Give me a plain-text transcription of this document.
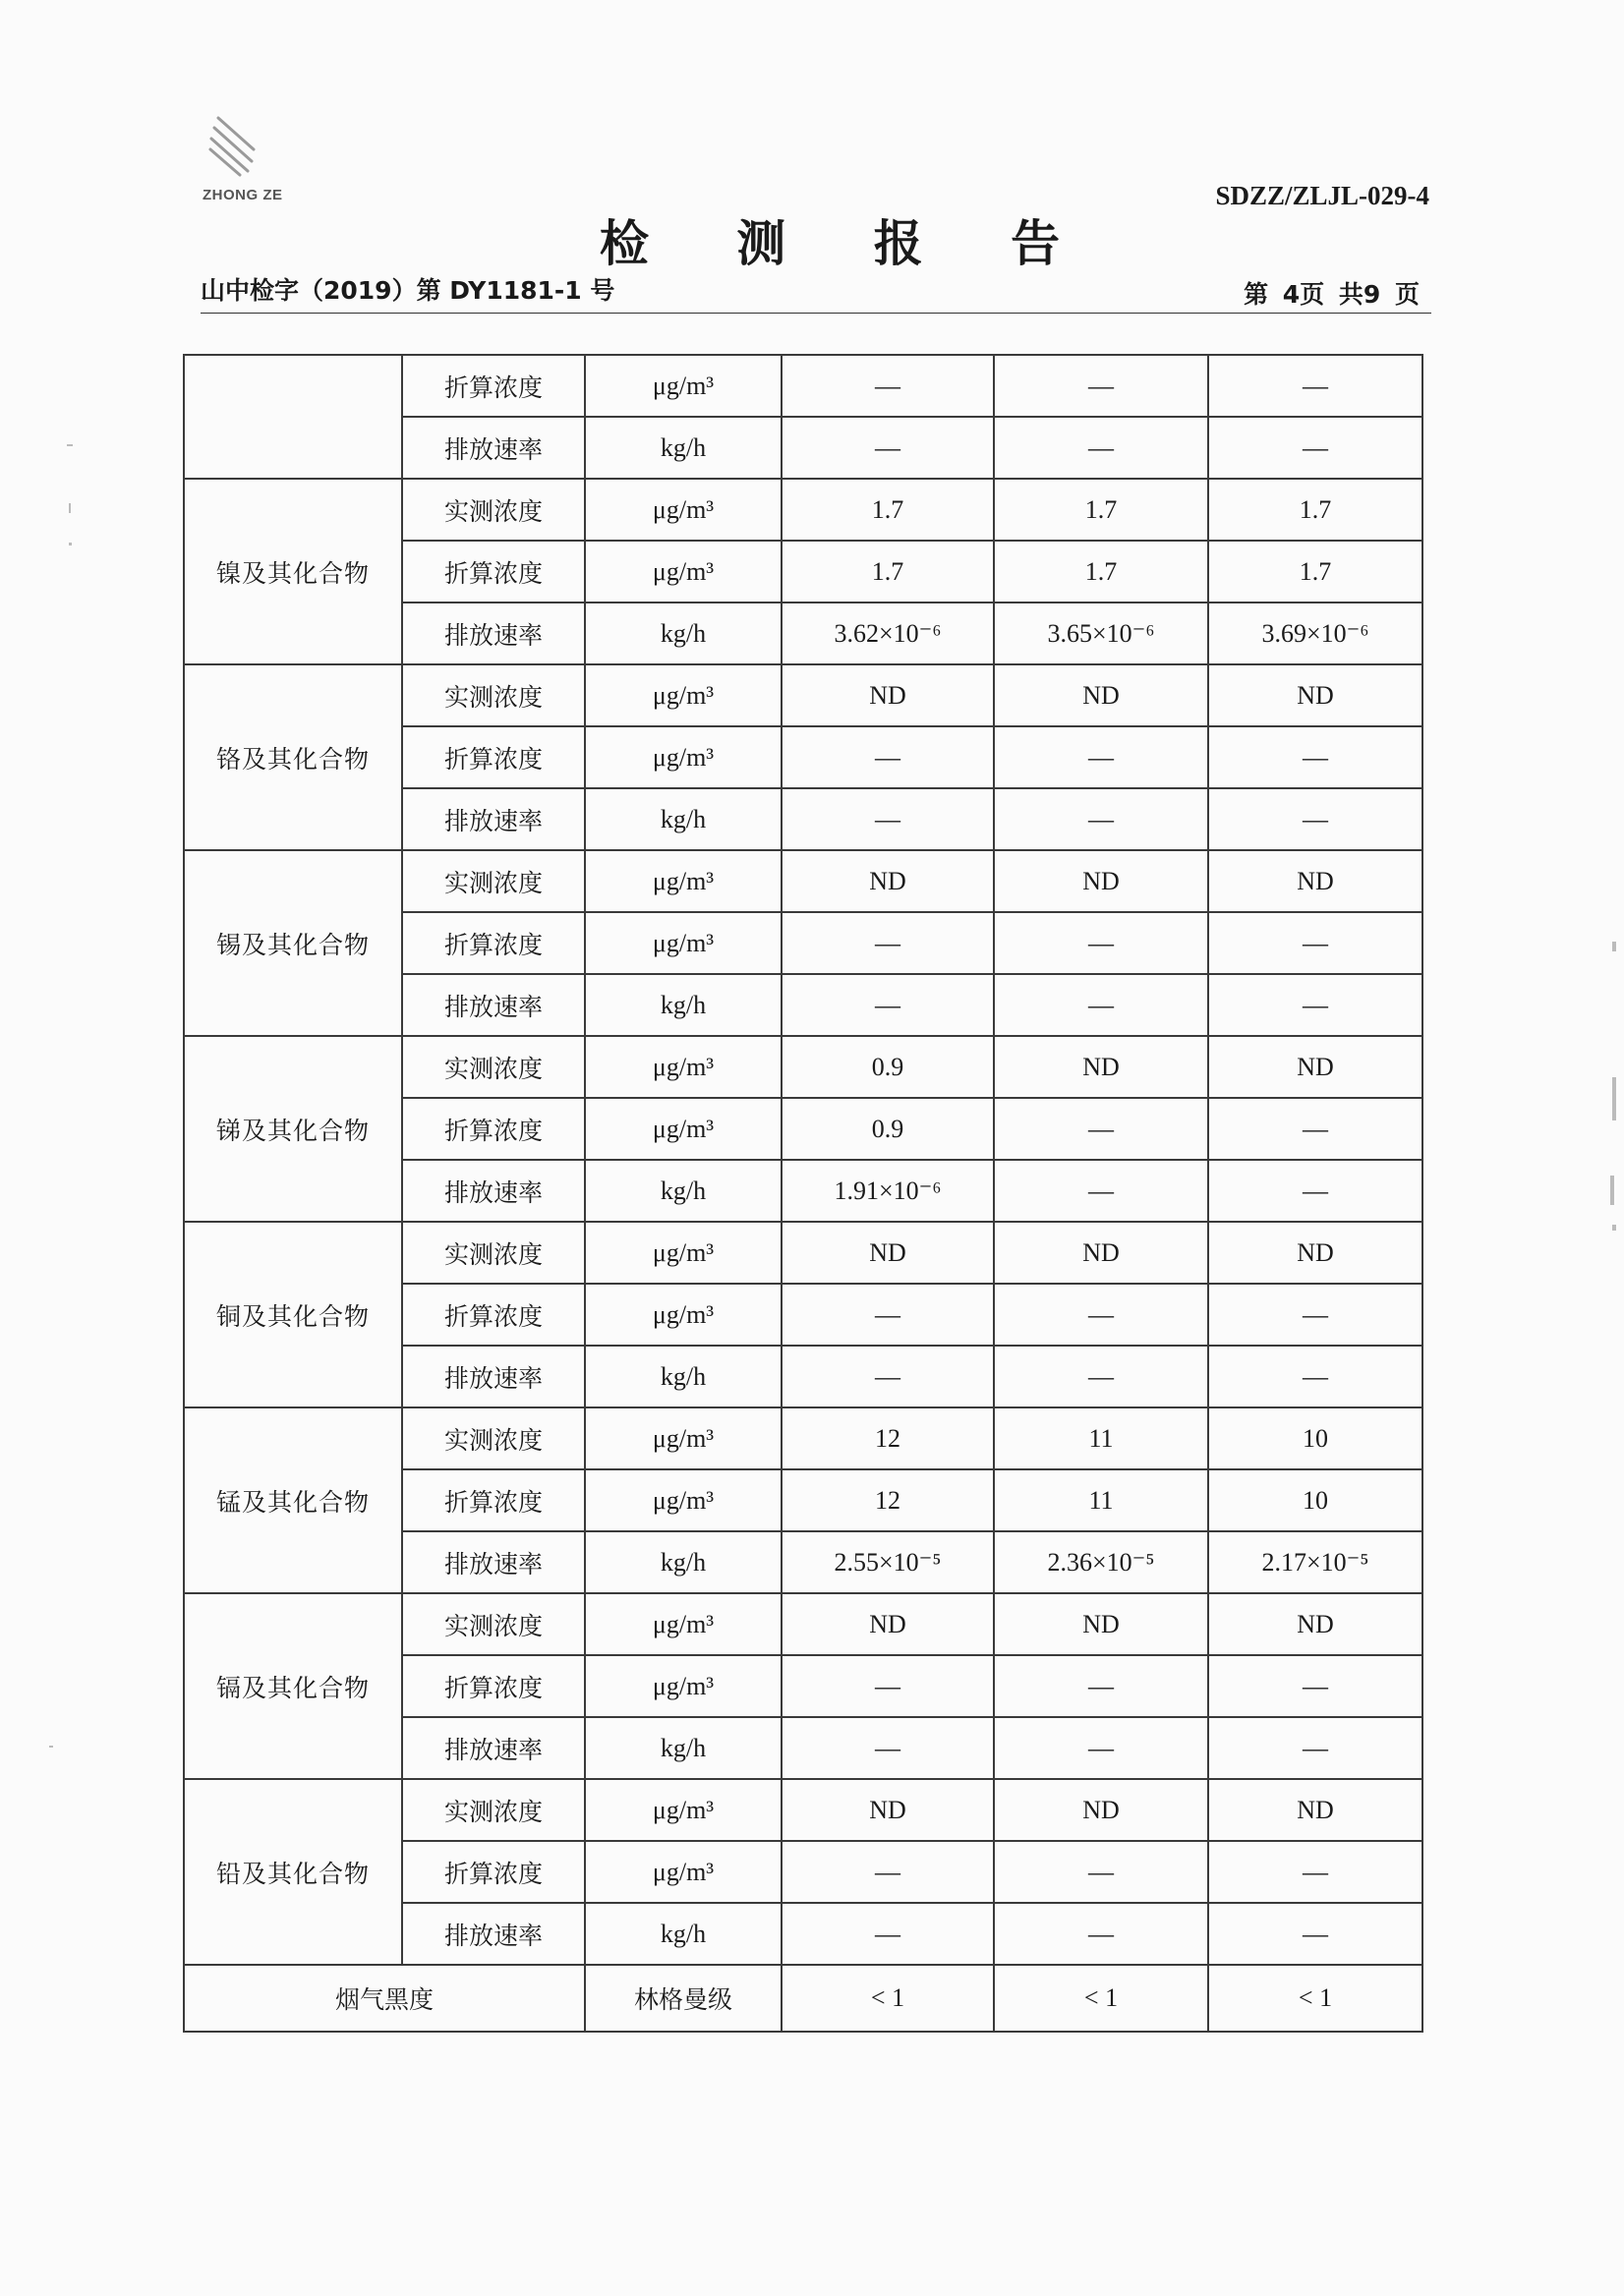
ZHONG ZE	SDZZ/ZLJL-029-4
检 测 报 告
山中检字（2019）第 DY1181-1 号	第 4页 共9 页
	折算浓度	μg/m³	—	—	—
	排放速率	kg/h	—	—	—
镍及其化合物	实测浓度	μg/m³	1.7	1.7	1.7
	折算浓度	μg/m³	1.7	1.7	1.7
	排放速率	kg/h	3.62×10⁻⁶	3.65×10⁻⁶	3.69×10⁻⁶
铬及其化合物	实测浓度	μg/m³	ND	ND	ND
	折算浓度	μg/m³	—	—	—
	排放速率	kg/h	—	—	—
锡及其化合物	实测浓度	μg/m³	ND	ND	ND
	折算浓度	μg/m³	—	—	—
	排放速率	kg/h	—	—	—
锑及其化合物	实测浓度	μg/m³	0.9	ND	ND
	折算浓度	μg/m³	0.9	—	—
	排放速率	kg/h	1.91×10⁻⁶	—	—
铜及其化合物	实测浓度	μg/m³	ND	ND	ND
	折算浓度	μg/m³	—	—	—
	排放速率	kg/h	—	—	—
锰及其化合物	实测浓度	μg/m³	12	11	10
	折算浓度	μg/m³	12	11	10
	排放速率	kg/h	2.55×10⁻⁵	2.36×10⁻⁵	2.17×10⁻⁵
镉及其化合物	实测浓度	μg/m³	ND	ND	ND
	折算浓度	μg/m³	—	—	—
	排放速率	kg/h	—	—	—
铅及其化合物	实测浓度	μg/m³	ND	ND	ND
	折算浓度	μg/m³	—	—	—
	排放速率	kg/h	—	—	—
烟气黑度		林格曼级	< 1	< 1	< 1
